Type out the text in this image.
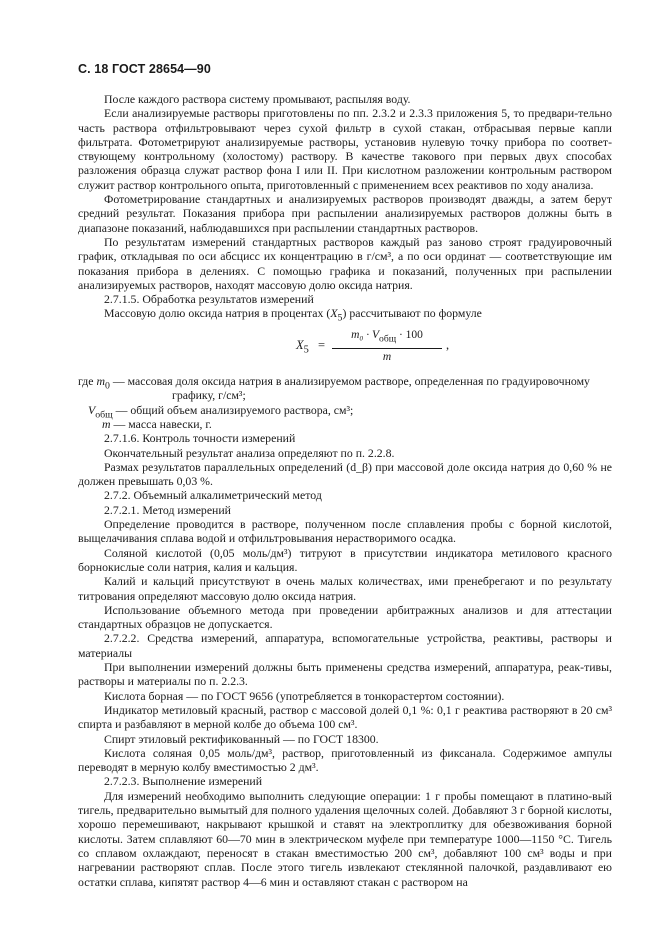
С. 18 ГОСТ 28654—90

После каждого раствора систему промывают, распыляя воду.

Если анализируемые растворы приготовлены по пп. 2.3.2 и 2.3.3 приложения 5, то предвари-тельно часть раствора отфильтровывают через сухой фильтр в сухой стакан, отбрасывая первые капли фильтрата. Фотометрируют анализируемые растворы, установив нулевую точку прибора по соответ-ствующему контрольному (холостому) раствору. В качестве такового при первых двух способах разложения образца служат раствор фона I или II. При кислотном разложении контрольным раствором служит раствор контрольного опыта, приготовленный с применением всех реактивов по ходу анализа.

Фотометрирование стандартных и анализируемых растворов производят дважды, а затем берут средний результат. Показания прибора при распылении анализируемых растворов должны быть в диапазоне показаний, наблюдавшихся при распылении стандартных растворов.

По результатам измерений стандартных растворов каждый раз заново строят градуировочный график, откладывая по оси абсцисс их концентрацию в г/см³, а по оси ординат — соответствующие им показания прибора в делениях. С помощью графика и показаний, полученных при распылении анализируемых растворов, находят массовую долю оксида натрия.

2.7.1.5. Обработка результатов измерений

Массовую долю оксида натрия в процентах $(X_5)$ рассчитывают по формуле

$X_5$ =
$m_0 \cdot V_{общ} \cdot 100$
m
,
где $m_0$ — массовая доля оксида натрия в анализируемом растворе, определенная по градуировочному
графику, г/см³;
$V_{общ}$ — общий объем анализируемого раствора, см³;
m — масса навески, г.

2.7.1.6. Контроль точности измерений

Окончательный результат анализа определяют по п. 2.2.8.

Размах результатов параллельных определений (d_β) при массовой доле оксида натрия до 0,60 % не должен превышать 0,03 %.

2.7.2. Объемный алкалиметрический метод

2.7.2.1. Метод измерений

Определение проводится в растворе, полученном после сплавления пробы с борной кислотой, выщелачивания сплава водой и отфильтровывания нерастворимого осадка.

Соляной кислотой (0,05 моль/дм³) титруют в присутствии индикатора метилового красного борнокислые соли натрия, калия и кальция.

Калий и кальций присутствуют в очень малых количествах, ими пренебрегают и по результату титрования определяют массовую долю оксида натрия.

Использование объемного метода при проведении арбитражных анализов и для аттестации стандартных образцов не допускается.

2.7.2.2. Средства измерений, аппаратура, вспомогательные устройства, реактивы, растворы и материалы

При выполнении измерений должны быть применены средства измерений, аппаратура, реак-тивы, растворы и материалы по п. 2.2.3.

Кислота борная — по ГОСТ 9656 (употребляется в тонкорастертом состоянии).

Индикатор метиловый красный, раствор с массовой долей 0,1 %: 0,1 г реактива растворяют в 20 см³ спирта и разбавляют в мерной колбе до объема 100 см³.

Спирт этиловый ректификованный — по ГОСТ 18300.

Кислота соляная 0,05 моль/дм³, раствор, приготовленный из фиксанала. Содержимое ампулы переводят в мерную колбу вместимостью 2 дм³.

2.7.2.3. Выполнение измерений

Для измерений необходимо выполнить следующие операции: 1 г пробы помещают в платино-вый тигель, предварительно вымытый для полного удаления щелочных солей. Добавляют 3 г борной кислоты, хорошо перемешивают, накрывают крышкой и ставят на электроплитку для обезвоживания борной кислоты. Затем сплавляют 60—70 мин в электрическом муфеле при температуре 1000—1150 °С. Тигель со сплавом охлаждают, переносят в стакан вместимостью 200 см³, добавляют 100 см³ воды и при нагревании растворяют сплав. После этого тигель извлекают стеклянной палочкой, раздавливают ею остатки сплава, кипятят раствор 4—6 мин и оставляют стакан с раствором на
